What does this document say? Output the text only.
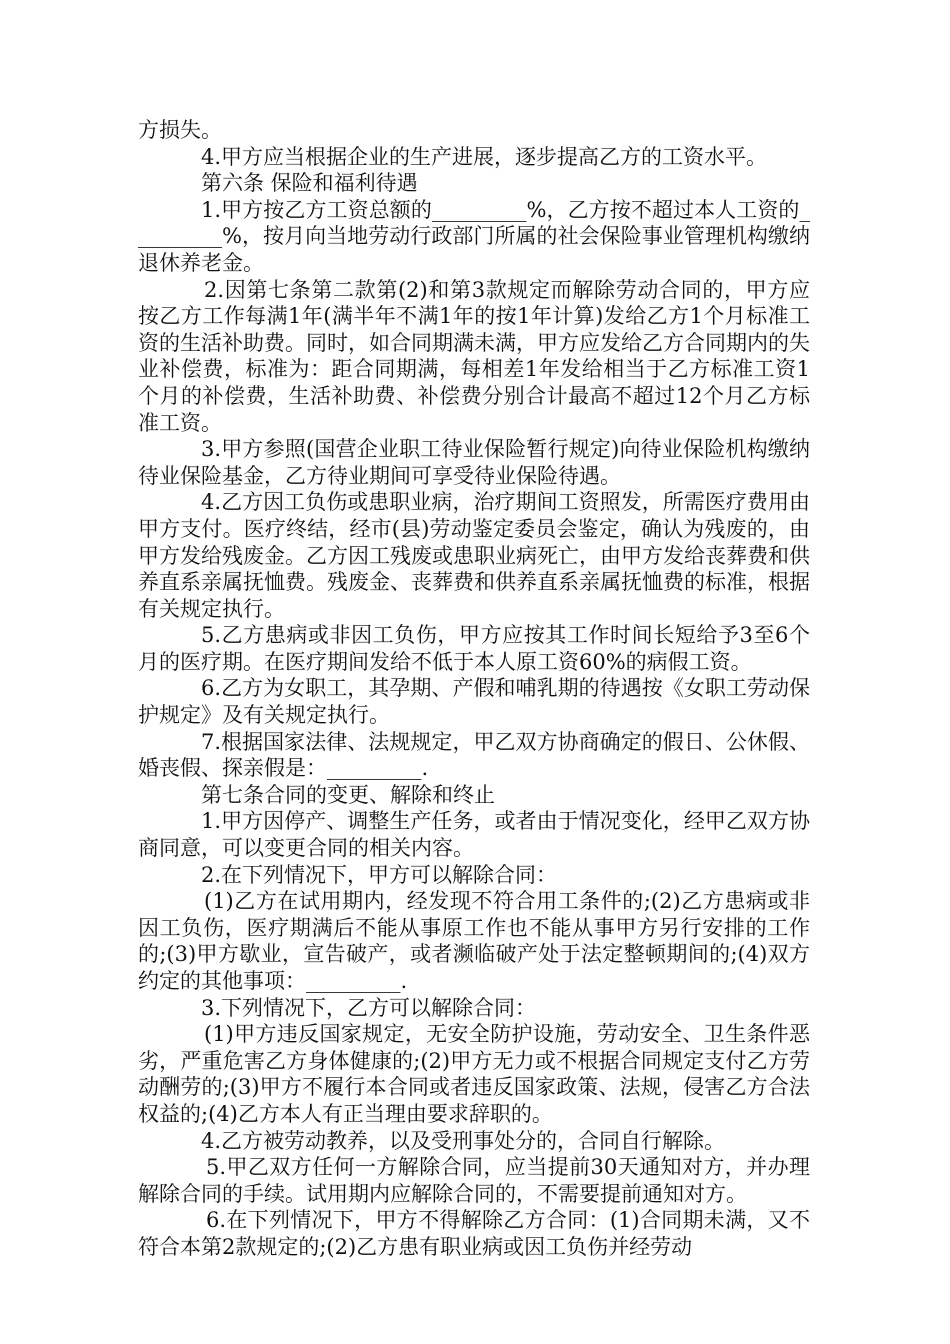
方损失。

4.甲方应当根据企业的生产进展，逐步提高乙方的工资水平。

第六条 保险和福利待遇

1.甲方按乙方工资总额的_________%，乙方按不超过本人工资的_________%，按月向当地劳动行政部门所属的社会保险事业管理机构缴纳退休养老金。

2.因第七条第二款第(2)和第3款规定而解除劳动合同的，甲方应按乙方工作每满1年(满半年不满1年的按1年计算)发给乙方1个月标准工资的生活补助费。同时，如合同期满未满，甲方应发给乙方合同期内的失业补偿费，标准为：距合同期满，每相差1年发给相当于乙方标准工资1个月的补偿费，生活补助费、补偿费分别合计最高不超过12个月乙方标准工资。

3.甲方参照(国营企业职工待业保险暂行规定)向待业保险机构缴纳待业保险基金，乙方待业期间可享受待业保险待遇。

4.乙方因工负伤或患职业病，治疗期间工资照发，所需医疗费用由甲方支付。医疗终结，经市(县)劳动鉴定委员会鉴定，确认为残废的，由甲方发给残废金。乙方因工残废或患职业病死亡，由甲方发给丧葬费和供养直系亲属抚恤费。残废金、丧葬费和供养直系亲属抚恤费的标准，根据有关规定执行。

5.乙方患病或非因工负伤，甲方应按其工作时间长短给予3至6个月的医疗期。在医疗期间发给不低于本人原工资60%的病假工资。

6.乙方为女职工，其孕期、产假和哺乳期的待遇按《女职工劳动保护规定》及有关规定执行。

7.根据国家法律、法规规定，甲乙双方协商确定的假日、公休假、婚丧假、探亲假是：_________.

第七条合同的变更、解除和终止

1.甲方因停产、调整生产任务，或者由于情况变化，经甲乙双方协商同意，可以变更合同的相关内容。

2.在下列情况下，甲方可以解除合同：

(1)乙方在试用期内，经发现不符合用工条件的;(2)乙方患病或非因工负伤，医疗期满后不能从事原工作也不能从事甲方另行安排的工作的;(3)甲方歇业，宣告破产，或者濒临破产处于法定整顿期间的;(4)双方约定的其他事项：_________.

3.下列情况下，乙方可以解除合同：

(1)甲方违反国家规定，无安全防护设施，劳动安全、卫生条件恶劣，严重危害乙方身体健康的;(2)甲方无力或不根据合同规定支付乙方劳动酬劳的;(3)甲方不履行本合同或者违反国家政策、法规，侵害乙方合法权益的;(4)乙方本人有正当理由要求辞职的。

4.乙方被劳动教养，以及受刑事处分的，合同自行解除。

5.甲乙双方任何一方解除合同，应当提前30天通知对方，并办理解除合同的手续。试用期内应解除合同的，不需要提前通知对方。

6.在下列情况下，甲方不得解除乙方合同：(1)合同期未满，又不符合本第2款规定的;(2)乙方患有职业病或因工负伤并经劳动
